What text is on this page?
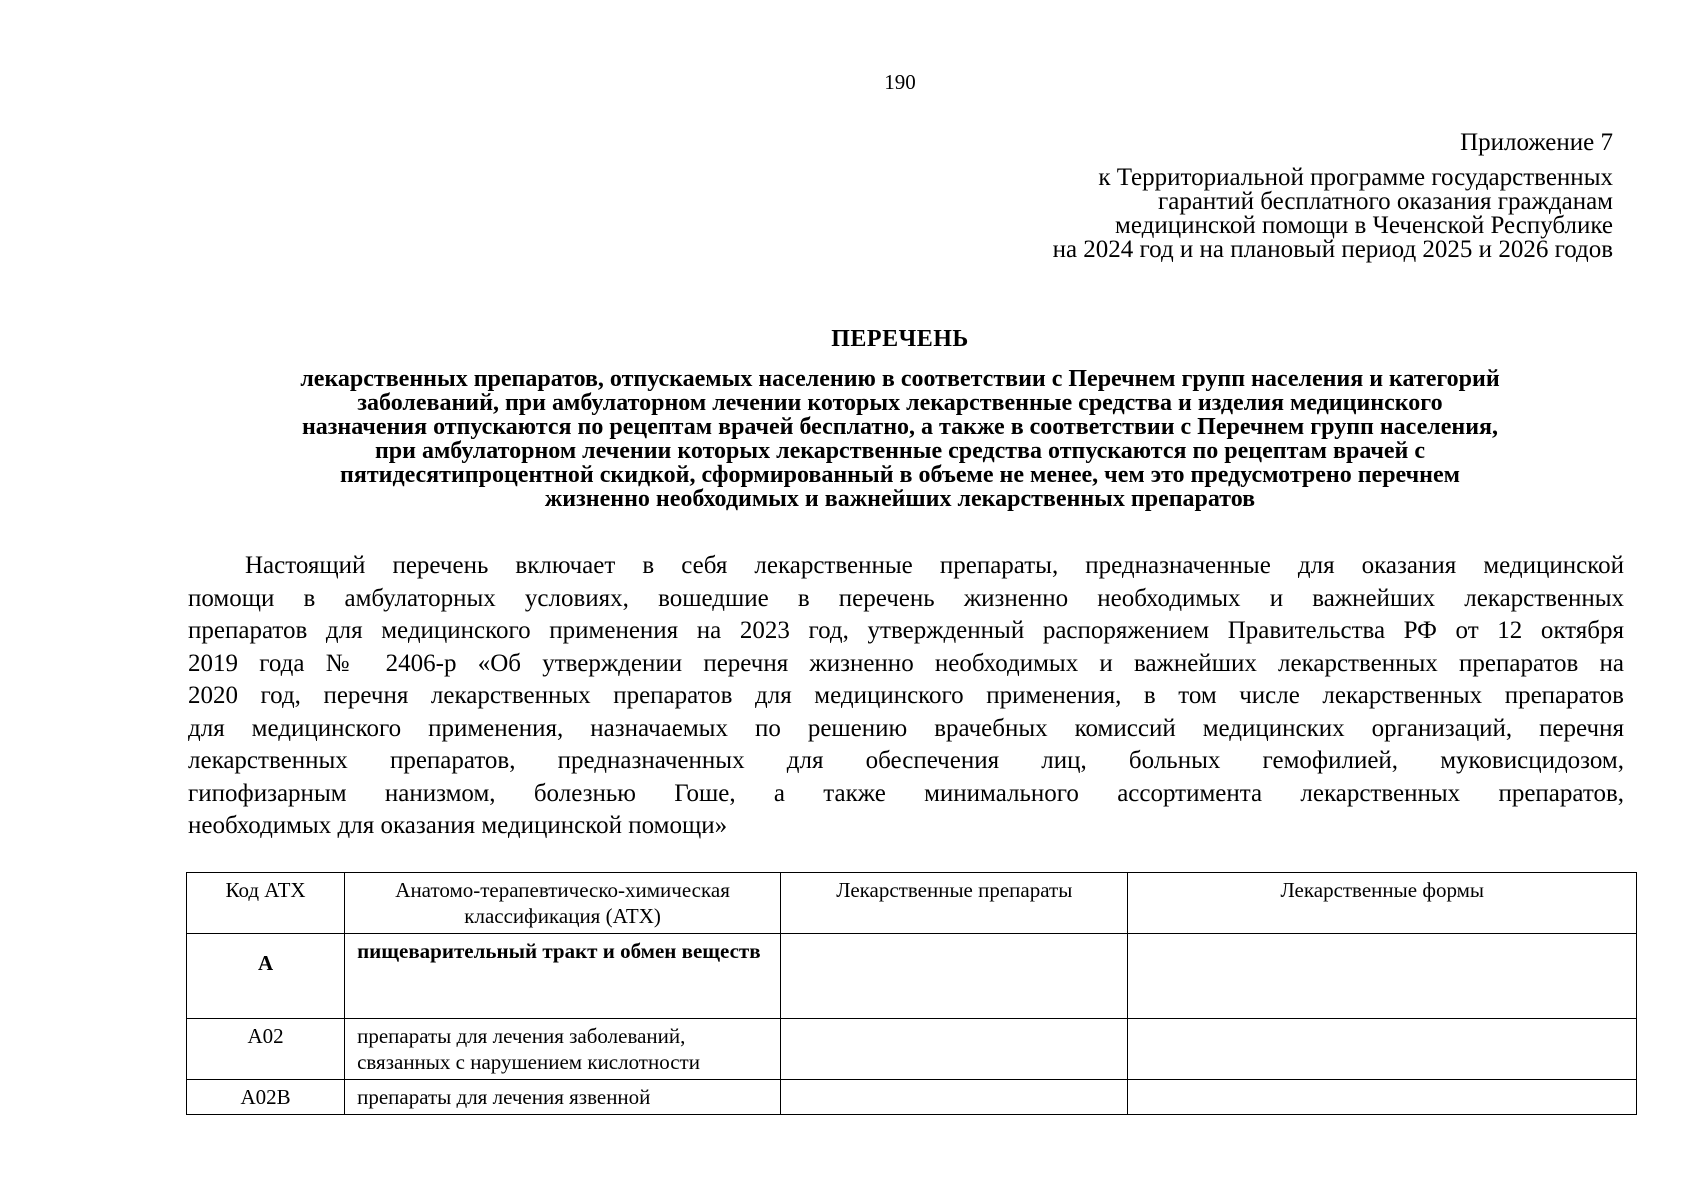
190
Приложение 7
к Территориальной программе государственных
гарантий бесплатного оказания гражданам
медицинской помощи в Чеченской Республике
на 2024 год и на плановый период 2025 и 2026 годов
ПЕРЕЧЕНЬ
лекарственных препаратов, отпускаемых населению в соответствии с Перечнем групп населения и категорий
заболеваний, при амбулаторном лечении которых лекарственные средства и изделия медицинского
назначения отпускаются по рецептам врачей бесплатно, а также в соответствии с Перечнем групп населения,
при амбулаторном лечении которых лекарственные средства отпускаются по рецептам врачей с
пятидесятипроцентной скидкой, сформированный в объеме не менее, чем это предусмотрено перечнем
жизненно необходимых и важнейших лекарственных препаратов
Настоящий перечень включает в себя лекарственные препараты, предназначенные для оказания медицинской
помощи в амбулаторных условиях, вошедшие в перечень жизненно необходимых и важнейших лекарственных
препаратов для медицинского применения на 2023 год, утвержденный распоряжением Правительства РФ от 12 октября
2019 года № 2406-р «Об утверждении перечня жизненно необходимых и важнейших лекарственных препаратов на
2020 год, перечня лекарственных препаратов для медицинского применения, в том числе лекарственных препаратов
для медицинского применения, назначаемых по решению врачебных комиссий медицинских организаций, перечня
лекарственных препаратов, предназначенных для обеспечения лиц, больных гемофилией, муковисцидозом,
гипофизарным нанизмом, болезнью Гоше, а также минимального ассортимента лекарственных препаратов,
необходимых для оказания медицинской помощи»
Код АТХ	Анатомо-терапевтическо-химическая классификация (АТХ)	Лекарственные препараты	Лекарственные формы
А	пищеварительный тракт и обмен веществ		
А02	препараты для лечения заболеваний, связанных с нарушением кислотности		
А02В	препараты для лечения язвенной		
